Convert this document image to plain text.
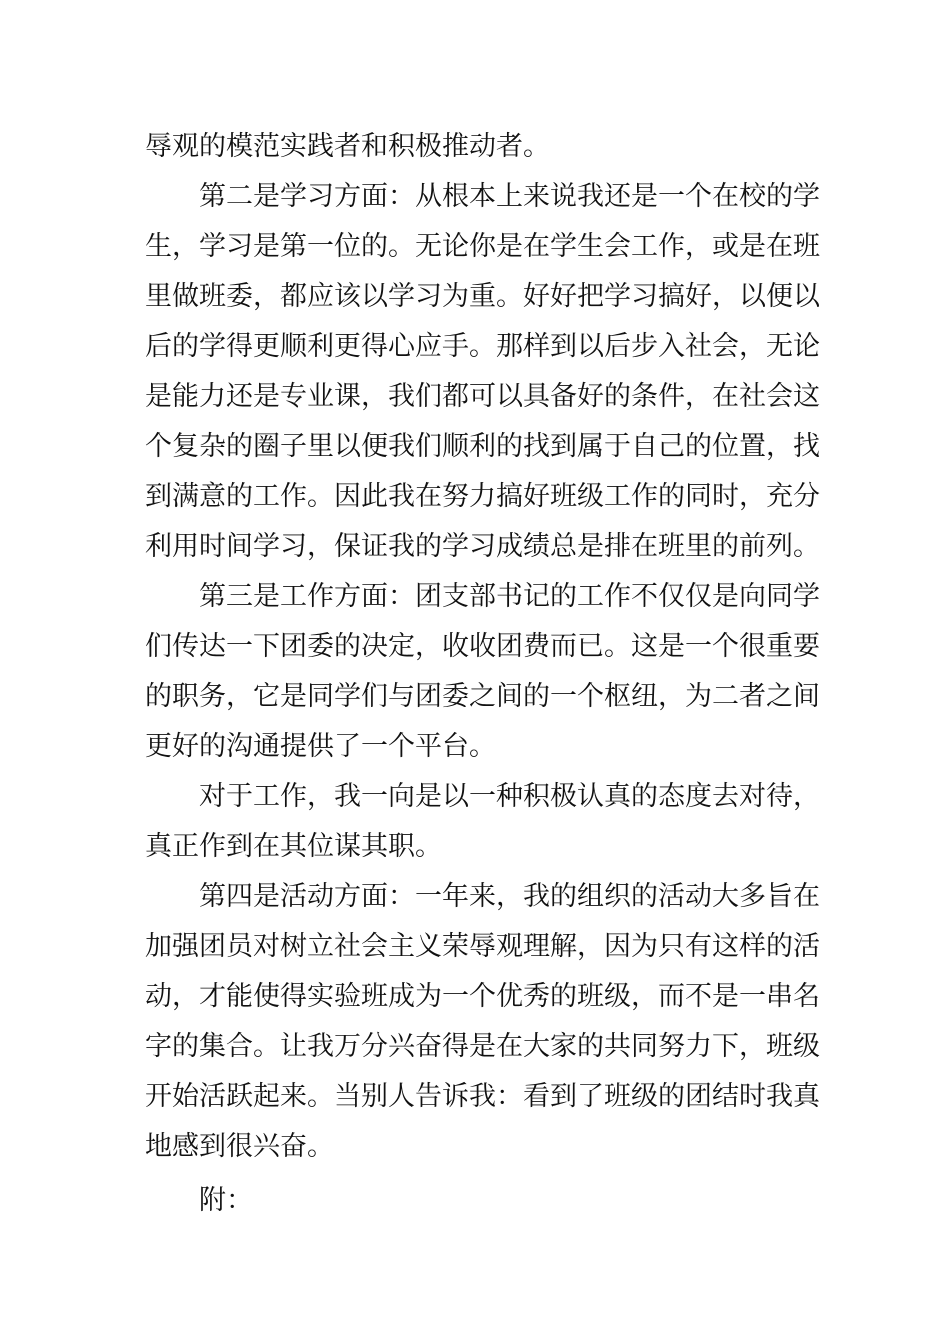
辱观的模范实践者和积极推动者。
第二是学习方面：从根本上来说我还是一个在校的学
生，学习是第一位的。无论你是在学生会工作，或是在班
里做班委，都应该以学习为重。好好把学习搞好，以便以
后的学得更顺利更得心应手。那样到以后步入社会，无论
是能力还是专业课，我们都可以具备好的条件，在社会这
个复杂的圈子里以便我们顺利的找到属于自己的位置，找
到满意的工作。因此我在努力搞好班级工作的同时，充分
利用时间学习，保证我的学习成绩总是排在班里的前列。
第三是工作方面：团支部书记的工作不仅仅是向同学
们传达一下团委的决定，收收团费而已。这是一个很重要
的职务，它是同学们与团委之间的一个枢纽，为二者之间
更好的沟通提供了一个平台。
对于工作，我一向是以一种积极认真的态度去对待，
真正作到在其位谋其职。
第四是活动方面：一年来，我的组织的活动大多旨在
加强团员对树立社会主义荣辱观理解，因为只有这样的活
动，才能使得实验班成为一个优秀的班级，而不是一串名
字的集合。让我万分兴奋得是在大家的共同努力下，班级
开始活跃起来。当别人告诉我：看到了班级的团结时我真
地感到很兴奋。
附：
